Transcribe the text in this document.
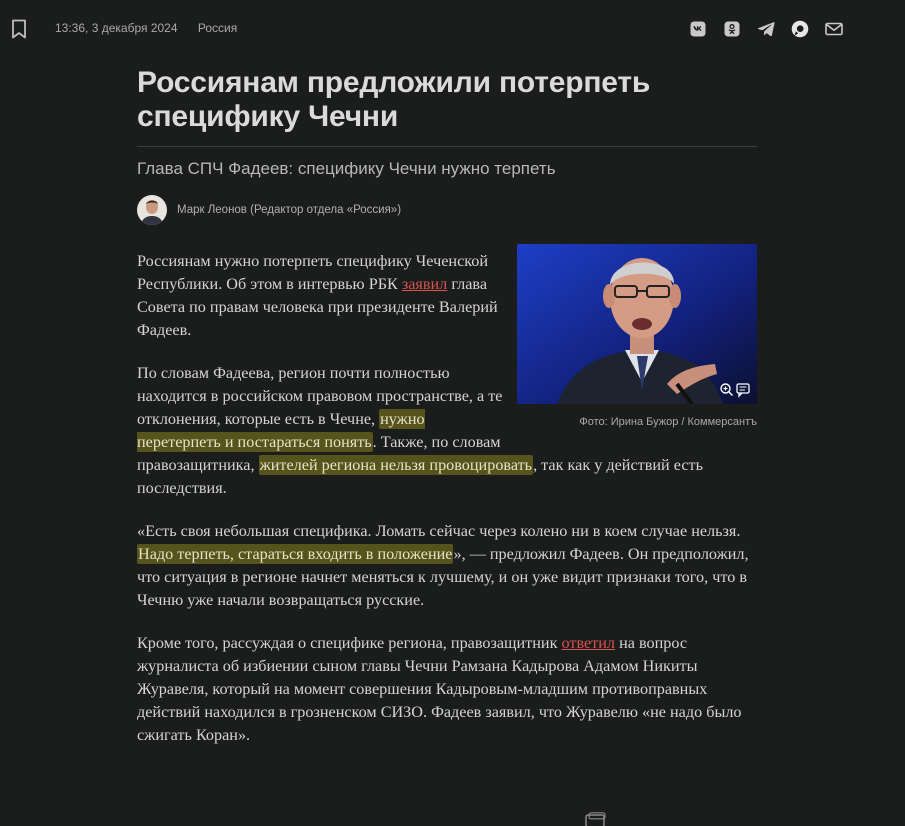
13:36, 3 декабря 2024 Россия
Россиянам предложили потерпеть специфику Чечни
Глава СПЧ Фадеев: специфику Чечни нужно терпеть
Марк Леонов (Редактор отдела «Россия»)
Фото: Ирина Бужор / Коммерсантъ

Россиянам нужно потерпеть специфику Чеченской Республики. Об этом в интервью РБК заявил глава Совета по правам человека при президенте Валерий Фадеев.

По словам Фадеева, регион почти полностью находится в российском правовом пространстве, а те отклонения, которые есть в Чечне, нужно перетерпеть и постараться понять. Также, по словам правозащитника, жителей региона нельзя провоцировать, так как у действий есть последствия.

«Есть своя небольшая специфика. Ломать сейчас через колено ни в коем случае нельзя. Надо терпеть, стараться входить в положение», — предложил Фадеев. Он предположил, что ситуация в регионе начнет меняться к лучшему, и он уже видит признаки того, что в Чечню уже начали возвращаться русские.

Кроме того, рассуждая о специфике региона, правозащитник ответил на вопрос журналиста об избиении сыном главы Чечни Рамзана Кадырова Адамом Никиты Журавеля, который на момент совершения Кадыровым-младшим противоправных действий находился в грозненском СИЗО. Фадеев заявил, что Журавелю «не надо было сжигать Коран».
